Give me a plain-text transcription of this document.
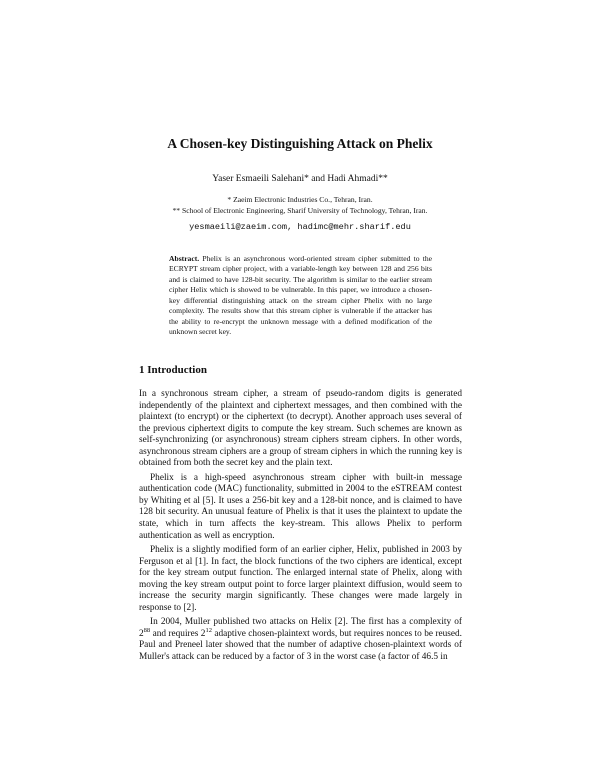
A Chosen-key Distinguishing Attack on Phelix
Yaser Esmaeili Salehani* and Hadi Ahmadi**
* Zaeim Electronic Industries Co., Tehran, Iran.
** School of Electronic Engineering, Sharif University of Technology, Tehran, Iran.
yesmaeili@zaeim.com, hadimc@mehr.sharif.edu

Abstract. Phelix is an asynchronous word-oriented stream cipher submitted to the ECRYPT stream cipher project, with a variable-length key between 128 and 256 bits and is claimed to have 128-bit security. The algorithm is similar to the earlier stream cipher Helix which is showed to be vulnerable. In this paper, we introduce a chosen-key differential distinguishing attack on the stream cipher Phelix with no large complexity. The results show that this stream cipher is vulnerable if the attacker has the ability to re-encrypt the unknown message with a defined modification of the unknown secret key.

1 Introduction

In a synchronous stream cipher, a stream of pseudo-random digits is generated independently of the plaintext and ciphertext messages, and then combined with the plaintext (to encrypt) or the ciphertext (to decrypt). Another approach uses several of the previous ciphertext digits to compute the key stream. Such schemes are known as self-synchronizing (or asynchronous) stream ciphers stream ciphers. In other words, asynchronous stream ciphers are a group of stream ciphers in which the running key is obtained from both the secret key and the plain text.

Phelix is a high-speed asynchronous stream cipher with built-in message authentication code (MAC) functionality, submitted in 2004 to the eSTREAM contest by Whiting et al [5]. It uses a 256-bit key and a 128-bit nonce, and is claimed to have 128 bit security. An unusual feature of Phelix is that it uses the plaintext to update the state, which in turn affects the key-stream. This allows Phelix to perform authentication as well as encryption.

Phelix is a slightly modified form of an earlier cipher, Helix, published in 2003 by Ferguson et al [1]. In fact, the block functions of the two ciphers are identical, except for the key stream output function. The enlarged internal state of Phelix, along with moving the key stream output point to force larger plaintext diffusion, would seem to increase the security margin significantly. These changes were made largely in response to [2].

In 2004, Muller published two attacks on Helix [2]. The first has a complexity of $2^{88}$ and requires $2^{12}$ adaptive chosen-plaintext words, but requires nonces to be reused. Paul and Preneel later showed that the number of adaptive chosen-plaintext words of Muller's attack can be reduced by a factor of 3 in the worst case (a factor of 46.5 in
